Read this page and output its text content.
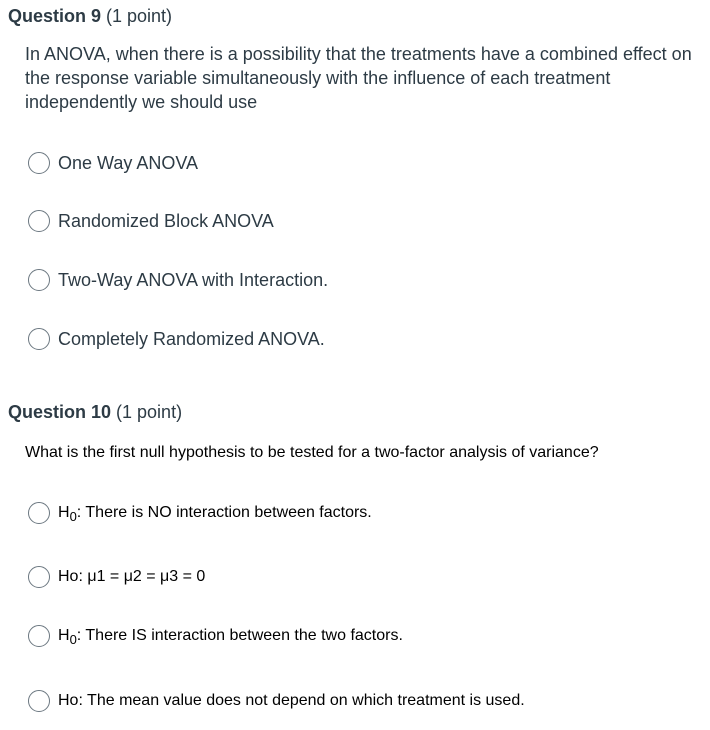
Question 9 (1 point)
In ANOVA, when there is a possibility that the treatments have a combined effect on the response variable simultaneously with the influence of each treatment independently we should use
One Way ANOVA
Randomized Block ANOVA
Two-Way ANOVA with Interaction.
Completely Randomized ANOVA.
Question 10 (1 point)
What is the first null hypothesis to be tested for a two-factor analysis of variance?
$H_0$: There is NO interaction between factors.
Ho: μ1 = μ2 = μ3 = 0
$H_0$: There IS interaction between the two factors.
Ho: The mean value does not depend on which treatment is used.
